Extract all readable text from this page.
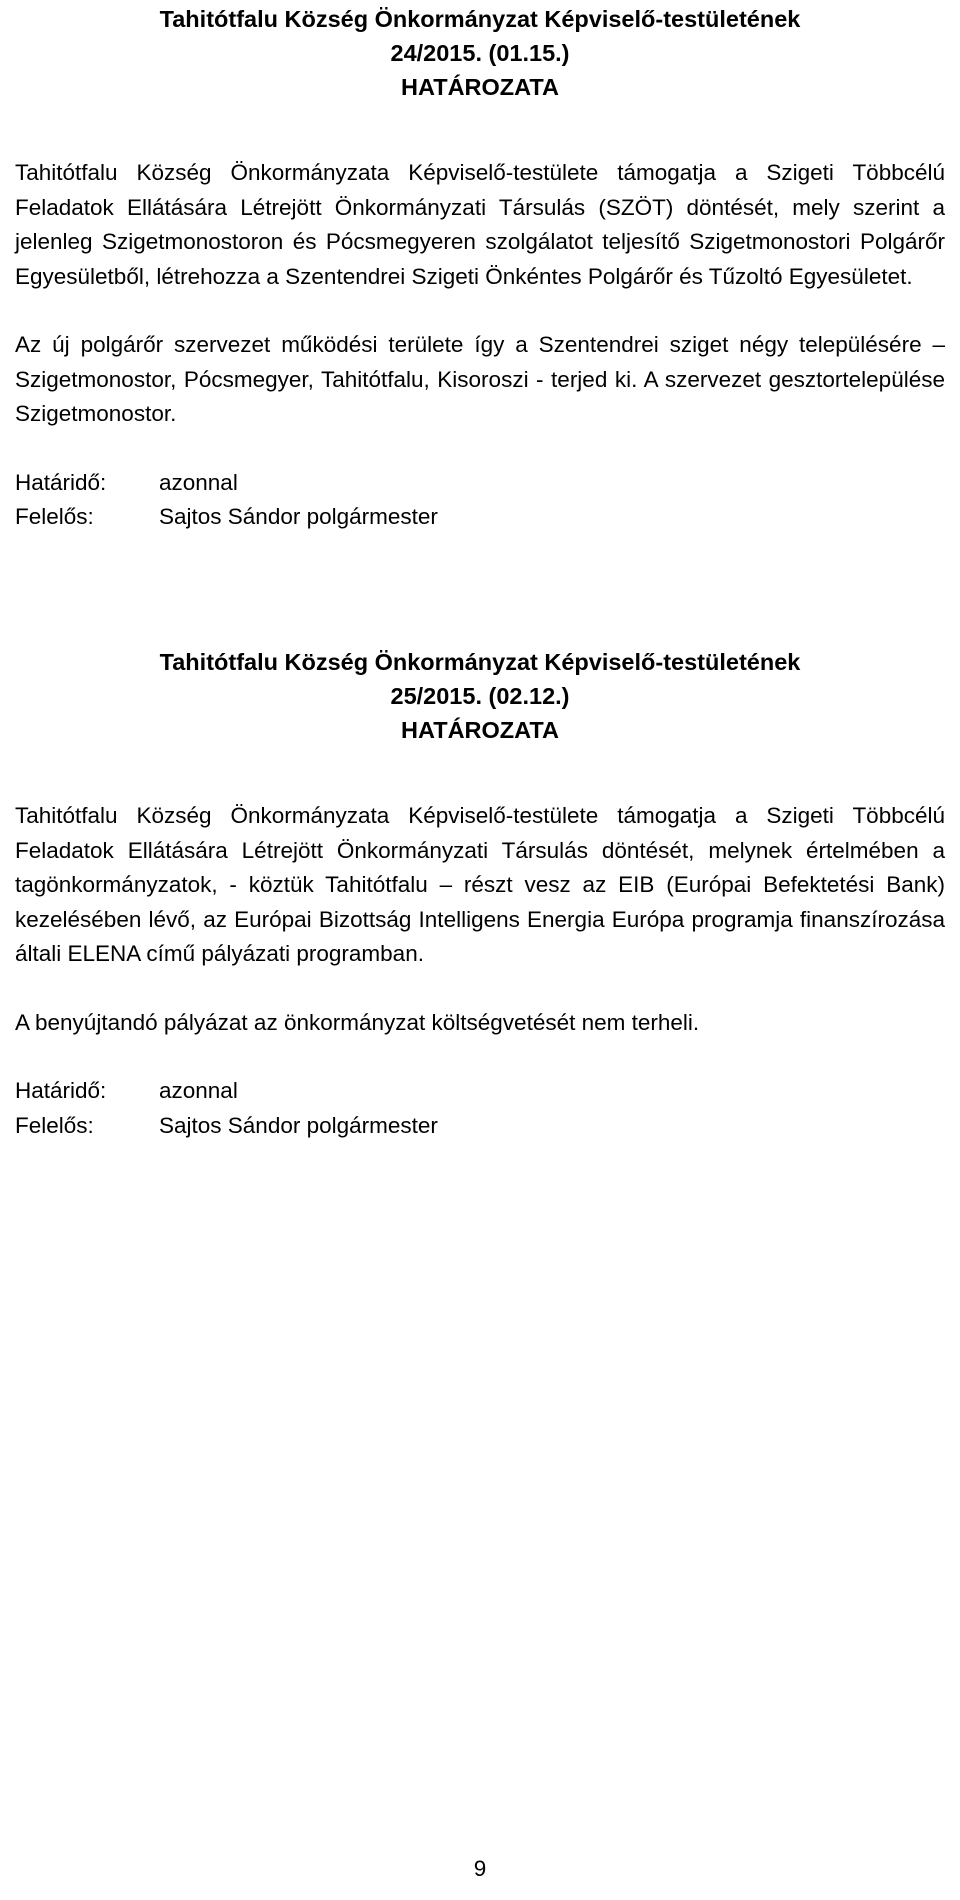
Tahitótfalu Község Önkormányzat Képviselő-testületének

24/2015. (01.15.)

HATÁROZATA

Tahitótfalu Község Önkormányzata Képviselő-testülete támogatja a Szigeti Többcélú Feladatok Ellátására Létrejött Önkormányzati Társulás (SZÖT) döntését, mely szerint a jelenleg Szigetmonostoron és Pócsmegyeren szolgálatot teljesítő Szigetmonostori Polgárőr Egyesületből, létrehozza a Szentendrei Szigeti Önkéntes Polgárőr és Tűzoltó Egyesületet.

Az új polgárőr szervezet működési területe így a Szentendrei sziget négy településére – Szigetmonostor, Pócsmegyer, Tahitótfalu, Kisoroszi - terjed ki. A szervezet gesztortelepülése Szigetmonostor.

Határidő:	azonnal
Felelős:	Sajtos Sándor polgármester

Tahitótfalu Község Önkormányzat Képviselő-testületének

25/2015. (02.12.)

HATÁROZATA

Tahitótfalu Község Önkormányzata Képviselő-testülete támogatja a Szigeti Többcélú Feladatok Ellátására Létrejött Önkormányzati Társulás döntését, melynek értelmében a tagönkormányzatok, - köztük Tahitótfalu – részt vesz az EIB (Európai Befektetési Bank) kezelésében lévő, az Európai Bizottság Intelligens Energia Európa programja finanszírozása általi ELENA című pályázati programban.

A benyújtandó pályázat az önkormányzat költségvetését nem terheli.

Határidő:	azonnal
Felelős:	Sajtos Sándor polgármester
9
